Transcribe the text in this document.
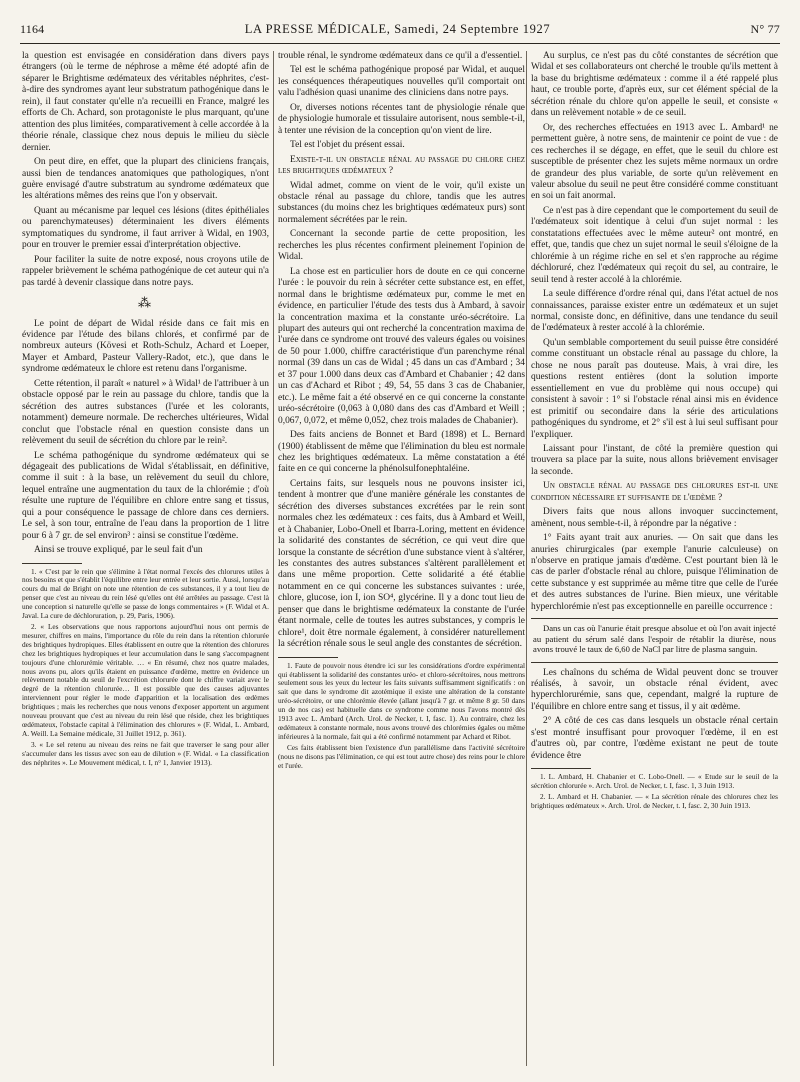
1164	LA PRESSE MÉDICALE, Samedi, 24 Septembre 1927	N° 77

la question est envisagée en considération dans divers pays étrangers (où le terme de néphrose a même été adopté afin de séparer le Brightisme œdémateux des véritables néphrites, c'est-à-dire des syndromes ayant leur substratum pathogénique dans le rein), il faut constater qu'elle n'a recueilli en France, malgré les efforts de Ch. Achard, son protagoniste le plus marquant, qu'une attention des plus limitées, comparativement à celle accordée à la théorie rénale, classique chez nous depuis le milieu du siècle dernier.

On peut dire, en effet, que la plupart des cliniciens français, aussi bien de tendances anatomiques que pathologiques, n'ont guère envisagé d'autre substratum au syndrome œdémateux que les altérations mêmes des reins que l'on y observait.

Quant au mécanisme par lequel ces lésions (dites épithéliales ou parenchymateuses) déterminaient les divers éléments symptomatiques du syndrome, il faut arriver à Widal, en 1903, pour en trouver le premier essai d'interprétation objective.

Pour faciliter la suite de notre exposé, nous croyons utile de rappeler brièvement le schéma pathogénique de cet auteur qui n'a pas tardé à devenir classique dans notre pays.

⁂

Le point de départ de Widal réside dans ce fait mis en évidence par l'étude des bilans chlorés, et confirmé par de nombreux auteurs (Kövesi et Roth-Schulz, Achard et Loeper, Mayer et Ambard, Pasteur Vallery-Radot, etc.), que dans le syndrome œdémateux le chlore est retenu dans l'organisme.

Cette rétention, il paraît « naturel » à Widal¹ de l'attribuer à un obstacle opposé par le rein au passage du chlore, tandis que la sécrétion des autres substances (l'urée et les colorants, notamment) demeure normale. De recherches ultérieures, Widal conclut que l'obstacle rénal en question consiste dans un relèvement du seuil de sécrétion du chlore par le rein².

Le schéma pathogénique du syndrome œdémateux qui se dégageait des publications de Widal s'établissait, en définitive, comme il suit : à la base, un relèvement du seuil du chlore, lequel entraîne une augmentation du taux de la chlorémie ; d'où résulte une rupture de l'équilibre en chlore entre sang et tissus, qui a pour conséquence le passage de chlore dans ces derniers. Le sel, à son tour, entraîne de l'eau dans la proportion de 1 litre pour 6 à 7 gr. de sel environ³ : ainsi se constitue l'œdème.

Ainsi se trouve expliqué, par le seul fait d'un

1. « C'est par le rein que s'élimine à l'état normal l'excès des chlorures utiles à nos besoins et que s'établit l'équilibre entre leur entrée et leur sortie. Aussi, lorsqu'au cours du mal de Bright on note une rétention de ces substances, il y a tout lieu de penser que c'est au niveau du rein lésé qu'elles ont été arrêtées au passage. C'est là une conception si naturelle qu'elle se passe de longs commentaires » (F. Widal et A. Javal. La cure de déchloruration, p. 29, Paris, 1906).

2. « Les observations que nous rapportons aujourd'hui nous ont permis de mesurer, chiffres en mains, l'importance du rôle du rein dans la rétention chlorurée des brightiques hydropiques. Elles établissent en outre que la rétention des chlorures chez les brightiques hydropiques et leur accumulation dans le sang s'accompagnent toujours d'une chlorurémie véritable. … « En résumé, chez nos quatre malades, nous avons pu, alors qu'ils étaient en puissance d'œdème, mettre en évidence un relèvement notable du seuil de l'excrétion chlorurée dont le chiffre variait avec le degré de la rétention chlorurée… Il est possible que des causes adjuvantes interviennent pour régler le mode d'apparition et la localisation des œdèmes brightiques ; mais les recherches que nous venons d'exposer apportent un argument nouveau prouvant que c'est au niveau du rein lésé que réside, chez les brightiques œdémateux, l'obstacle capital à l'élimination des chlorures » (F. Widal, L. Ambard, A. Weill. La Semaine médicale, 31 Juillet 1912, p. 361).

3. « Le sel retenu au niveau des reins ne fait que traverser le sang pour aller s'accumuler dans les tissus avec son eau de dilution » (F. Widal. « La classification des néphrites ». Le Mouvement médical, t. I, n° 1, Janvier 1913).

trouble rénal, le syndrome œdémateux dans ce qu'il a d'essentiel.

Tel est le schéma pathogénique proposé par Widal, et auquel les conséquences thérapeutiques nouvelles qu'il comportait ont valu l'adhésion quasi unanime des cliniciens dans notre pays.

Or, diverses notions récentes tant de physiologie rénale que de physiologie humorale et tissulaire autorisent, nous semble-t-il, à tenter une révision de la conception qu'on vient de lire.

Tel est l'objet du présent essai.

Existe-t-il un obstacle rénal au passage du chlore chez les brightiques œdémateux ?

Widal admet, comme on vient de le voir, qu'il existe un obstacle rénal au passage du chlore, tandis que les autres substances (du moins chez les brightiques œdémateux purs) sont normalement sécrétées par le rein.

Concernant la seconde partie de cette proposition, les recherches les plus récentes confirment pleinement l'opinion de Widal.

La chose est en particulier hors de doute en ce qui concerne l'urée : le pouvoir du rein à sécréter cette substance est, en effet, normal dans le brightisme œdémateux pur, comme le met en évidence, en particulier l'étude des tests dus à Ambard, à savoir la concentration maxima et la constante uréo-sécrétoire. La plupart des auteurs qui ont recherché la concentration maxima de l'urée dans ce syndrome ont trouvé des valeurs égales ou voisines de 50 pour 1.000, chiffre caractéristique d'un parenchyme rénal normal (39 dans un cas de Widal ; 45 dans un cas d'Ambard ; 34 et 37 pour 1.000 dans deux cas d'Ambard et Chabanier ; 42 dans un cas d'Achard et Ribot ; 49, 54, 55 dans 3 cas de Chabanier, etc.). Le même fait a été observé en ce qui concerne la constante uréo-sécrétoire (0,063 à 0,080 dans des cas d'Ambard et Weill ; 0,067, 0,072, et même 0,052, chez trois malades de Chabanier).

Des faits anciens de Bonnet et Bard (1898) et L. Bernard (1900) établissent de même que l'élimination du bleu est normale chez les brightiques œdémateux. La même constatation a été faite en ce qui concerne la phénolsulfonephtaléine.

Certains faits, sur lesquels nous ne pouvons insister ici, tendent à montrer que d'une manière générale les constantes de sécrétion des diverses substances excrétées par le rein sont normales chez les œdémateux : ces faits, dus à Ambard et Weill, et à Chabanier, Lobo-Onell et Ibarra-Loring, mettent en évidence la solidarité des constantes de sécrétion, ce qui veut dire que lorsque la constante de sécrétion d'une substance vient à s'altérer, les constantes des autres substances s'altèrent parallèlement et dans une même proportion. Cette solidarité a été établie notamment en ce qui concerne les substances suivantes : urée, chlore, glucose, ion I, ion SO⁴, glycérine. Il y a donc tout lieu de penser que dans le brightisme œdémateux la constante de l'urée étant normale, celle de toutes les autres substances, y compris le chlore¹, doit être normale également, à considérer naturellement la sécrétion rénale sous le seul angle des constantes de sécrétion.

1. Faute de pouvoir nous étendre ici sur les considérations d'ordre expérimental qui établissent la solidarité des constantes uréo- et chloro-sécrétoires, nous mettrons seulement sous les yeux du lecteur les faits suivants suffisamment significatifs : on sait que dans le syndrome dit azotémique il existe une altération de la constante uréo-sécrétoire, or une chlorémie élevée (allant jusqu'à 7 gr. et même 8 gr. 50 dans un de nos cas) est habituelle dans ce syndrome comme nous l'avons montré dès 1913 avec L. Ambard (Arch. Urol. de Necker, t. I, fasc. 1). Au contraire, chez les œdémateux à constante normale, nous avons trouvé des chlorémies égales ou même inférieures à la normale, fait qui a été confirmé notamment par Achard et Ribot.

Ces faits établissent bien l'existence d'un parallélisme dans l'activité sécrétoire (nous ne disons pas l'élimination, ce qui est tout autre chose) des reins pour le chlore et l'urée.

Au surplus, ce n'est pas du côté constantes de sécrétion que Widal et ses collaborateurs ont cherché le trouble qu'ils mettent à la base du brightisme œdémateux : comme il a été rappelé plus haut, ce trouble porte, d'après eux, sur cet élément spécial de la sécrétion rénale du chlore qu'on appelle le seuil, et consiste « dans un relèvement notable » de ce seuil.

Or, des recherches effectuées en 1913 avec L. Ambard¹ ne permettent guère, à notre sens, de maintenir ce point de vue : de ces recherches il se dégage, en effet, que le seuil du chlore est susceptible de présenter chez les sujets même normaux un ordre de grandeur des plus variable, de sorte qu'un relèvement en valeur absolue du seuil ne peut être considéré comme constituant en soi un fait anormal.

Ce n'est pas à dire cependant que le comportement du seuil de l'œdémateux soit identique à celui d'un sujet normal : les constatations effectuées avec le même auteur² ont montré, en effet, que, tandis que chez un sujet normal le seuil s'éloigne de la chlorémie à un régime riche en sel et s'en rapproche au régime déchloruré, chez l'œdémateux qui reçoit du sel, au contraire, le seuil tend à rester accolé à la chlorémie.

La seule différence d'ordre rénal qui, dans l'état actuel de nos connaissances, paraisse exister entre un œdémateux et un sujet normal, consiste donc, en définitive, dans une tendance du seuil de l'œdémateux à rester accolé à la chlorémie.

Qu'un semblable comportement du seuil puisse être considéré comme constituant un obstacle rénal au passage du chlore, la chose ne nous paraît pas douteuse. Mais, à vrai dire, les questions restent entières (dont la solution importe essentiellement en vue du problème qui nous occupe) qui consistent à savoir : 1° si l'obstacle rénal ainsi mis en évidence est primitif ou secondaire dans la série des articulations pathogéniques du syndrome, et 2° s'il est à lui seul suffisant pour l'expliquer.

Laissant pour l'instant, de côté la première question qui trouvera sa place par la suite, nous allons brièvement envisager la seconde.

Un obstacle rénal au passage des chlorures est-il une condition nécessaire et suffisante de l'œdème ?

Divers faits que nous allons invoquer succinctement, amènent, nous semble-t-il, à répondre par la négative :

1° Faits ayant trait aux anuries. — On sait que dans les anuries chirurgicales (par exemple l'anurie calculeuse) on n'observe en pratique jamais d'œdème. C'est pourtant bien là le cas de parler d'obstacle rénal au chlore, puisque l'élimination de cette substance y est supprimée au même titre que celle de l'urée et des autres substances de l'urine. Bien mieux, une véritable hyperchlorémie n'est pas exceptionnelle en pareille occurrence :

Dans un cas où l'anurie était presque absolue et où l'on avait injecté au patient du sérum salé dans l'espoir de rétablir la diurèse, nous avons trouvé le taux de 6,60 de NaCl par litre de plasma sanguin.

Les chaînons du schéma de Widal peuvent donc se trouver réalisés, à savoir, un obstacle rénal évident, avec hyperchlorurémie, sans que, cependant, malgré la rupture de l'équilibre en chlore entre sang et tissus, il y ait œdème.

2° A côté de ces cas dans lesquels un obstacle rénal certain s'est montré insuffisant pour provoquer l'œdème, il en est d'autres où, par contre, l'œdème existant ne peut de toute évidence être

1. L. Ambard, H. Chabanier et C. Lobo-Onell. — « Etude sur le seuil de la sécrétion chlorurée ». Arch. Urol. de Necker, t. I, fasc. 1, 3 Juin 1913.

2. L. Ambard et H. Chabanier. — « La sécrétion rénale des chlorures chez les brightiques œdémateux ». Arch. Urol. de Necker, t. I, fasc. 2, 30 Juin 1913.
